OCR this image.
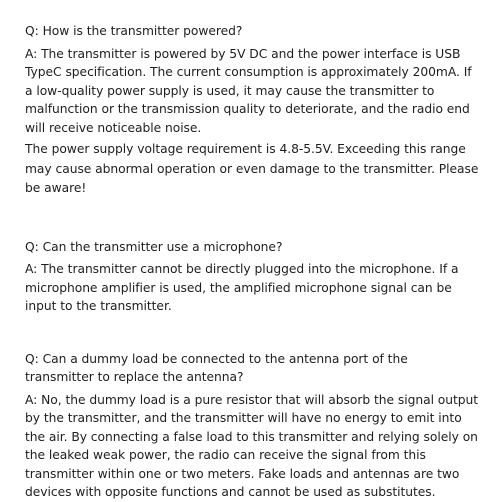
Q: How is the transmitter powered?

A: The transmitter is powered by 5V DC and the power interface is USB TypeC specification. The current consumption is approximately 200mA. If a low-quality power supply is used, it may cause the transmitter to malfunction or the transmission quality to deteriorate, and the radio end will receive noticeable noise.

The power supply voltage requirement is 4.8-5.5V. Exceeding this range may cause abnormal operation or even damage to the transmitter. Please be aware!

Q: Can the transmitter use a microphone?

A: The transmitter cannot be directly plugged into the microphone. If a microphone amplifier is used, the amplified microphone signal can be input to the transmitter.

Q: Can a dummy load be connected to the antenna port of the transmitter to replace the antenna?

A: No, the dummy load is a pure resistor that will absorb the signal output by the transmitter, and the transmitter will have no energy to emit into the air. By connecting a false load to this transmitter and relying solely on the leaked weak power, the radio can receive the signal from this transmitter within one or two meters. Fake loads and antennas are two devices with opposite functions and cannot be used as substitutes.
